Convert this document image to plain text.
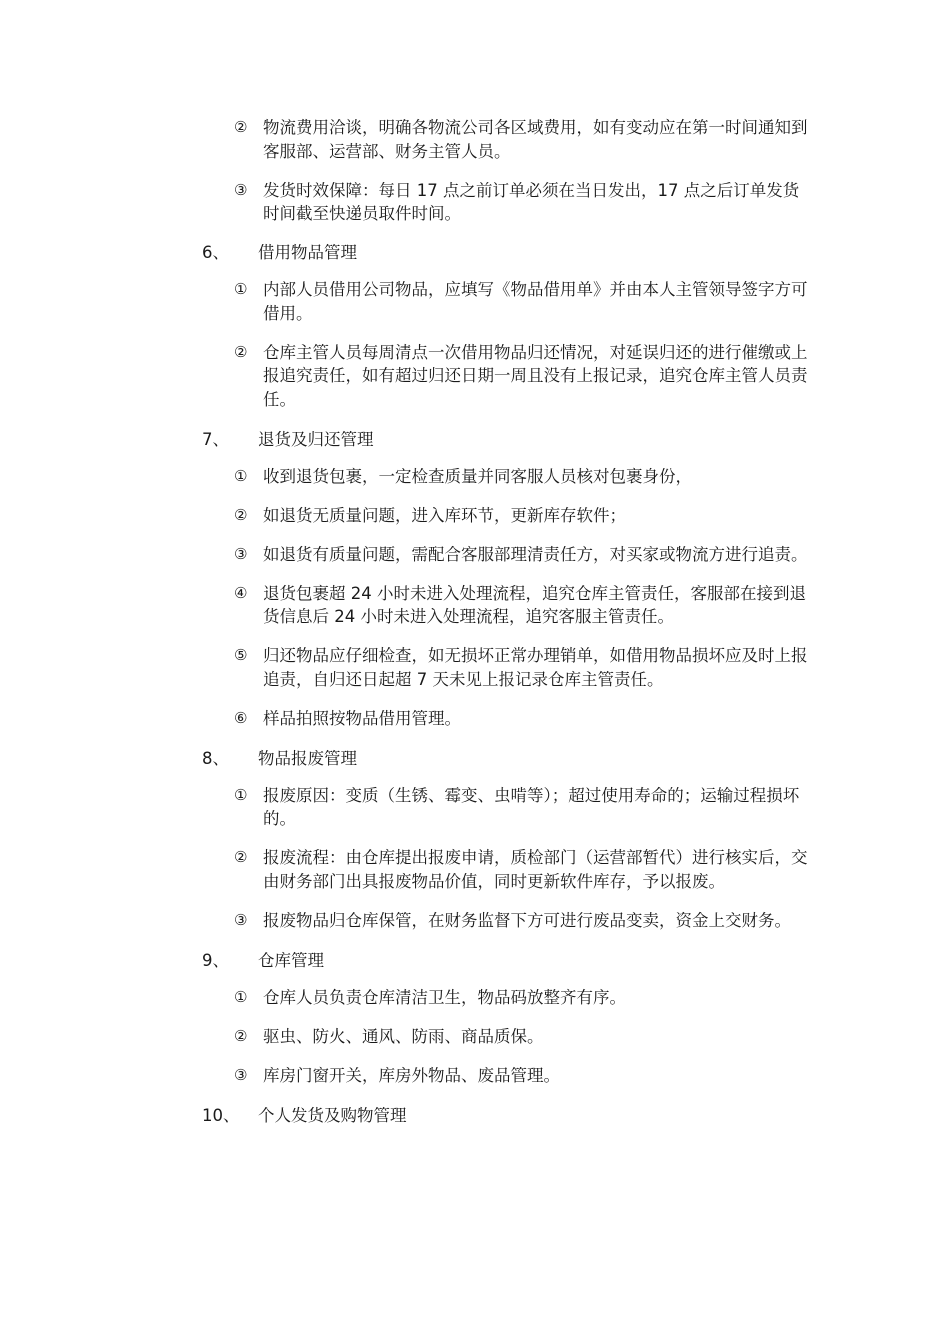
② 物流费用洽谈，明确各物流公司各区域费用，如有变动应在第一时间通知到客服部、运营部、财务主管人员。
③ 发货时效保障：每日 17 点之前订单必须在当日发出，17 点之后订单发货时间截至快递员取件时间。
6、	借用物品管理
① 内部人员借用公司物品，应填写《物品借用单》并由本人主管领导签字方可借用。
② 仓库主管人员每周清点一次借用物品归还情况，对延误归还的进行催缴或上报追究责任，如有超过归还日期一周且没有上报记录，追究仓库主管人员责任。
7、	退货及归还管理
① 收到退货包裹，一定检查质量并同客服人员核对包裹身份，
② 如退货无质量问题，进入库环节，更新库存软件；
③ 如退货有质量问题，需配合客服部理清责任方，对买家或物流方进行追责。
④ 退货包裹超 24 小时未进入处理流程，追究仓库主管责任，客服部在接到退货信息后 24 小时未进入处理流程，追究客服主管责任。
⑤ 归还物品应仔细检查，如无损坏正常办理销单，如借用物品损坏应及时上报追责，自归还日起超 7 天未见上报记录仓库主管责任。
⑥ 样品拍照按物品借用管理。
8、	物品报废管理
① 报废原因：变质（生锈、霉变、虫啃等）；超过使用寿命的；运输过程损坏的。
② 报废流程：由仓库提出报废申请，质检部门（运营部暂代）进行核实后，交由财务部门出具报废物品价值，同时更新软件库存，予以报废。
③ 报废物品归仓库保管，在财务监督下方可进行废品变卖，资金上交财务。
9、	仓库管理
① 仓库人员负责仓库清洁卫生，物品码放整齐有序。
② 驱虫、防火、通风、防雨、商品质保。
③ 库房门窗开关，库房外物品、废品管理。
10、	个人发货及购物管理
